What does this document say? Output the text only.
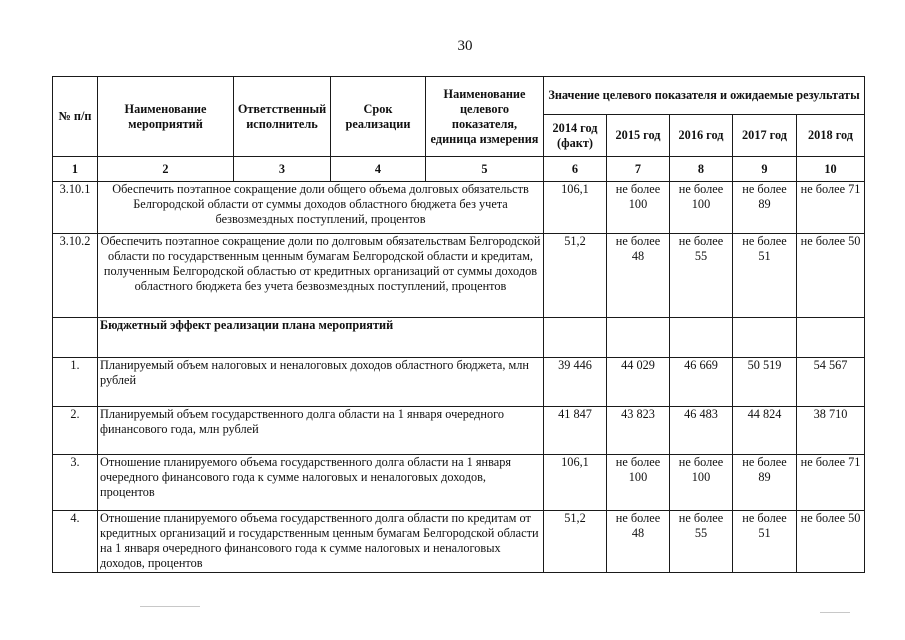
30
№ п/п	Наименование мероприятий	Ответственный исполнитель	Срок реализации	Наименование целевого показателя, единица измерения	Значение целевого показателя и ожидаемые результаты				
					2014 год (факт)	2015 год	2016 год	2017 год	2018 год
1	2	3	4	5	6	7	8	9	10
3.10.1	Обеспечить поэтапное сокращение доли общего объема долговых обязательств Белгородской области от суммы доходов областного бюджета без учета безвозмездных поступлений, процентов				106,1	не более 100	не более 100	не более 89	не более 71
3.10.2	Обеспечить поэтапное сокращение доли по долговым обязательствам Белгородской области по государственным ценным бумагам Белгородской области и кредитам, полученным Белгородской областью от кредитных организаций от суммы доходов областного бюджета без учета безвозмездных поступлений, процентов				51,2	не более 48	не более 55	не более 51	не более 50
	Бюджетный эффект реализации плана мероприятий								
1.	Планируемый объем налоговых и неналоговых доходов областного бюджета, млн рублей				39 446	44 029	46 669	50 519	54 567
2.	Планируемый объем государственного долга области на 1 января очередного финансового года, млн рублей				41 847	43 823	46 483	44 824	38 710
3.	Отношение планируемого объема государственного долга области на 1 января очередного финансового года к сумме налоговых и неналоговых доходов, процентов				106,1	не более 100	не более 100	не более 89	не более 71
4.	Отношение планируемого объема государственного долга области по кредитам от кредитных организаций и государственным ценным бумагам Белгородской области на 1 января очередного финансового года к сумме налоговых и неналоговых доходов, процентов				51,2	не более 48	не более 55	не более 51	не более 50
